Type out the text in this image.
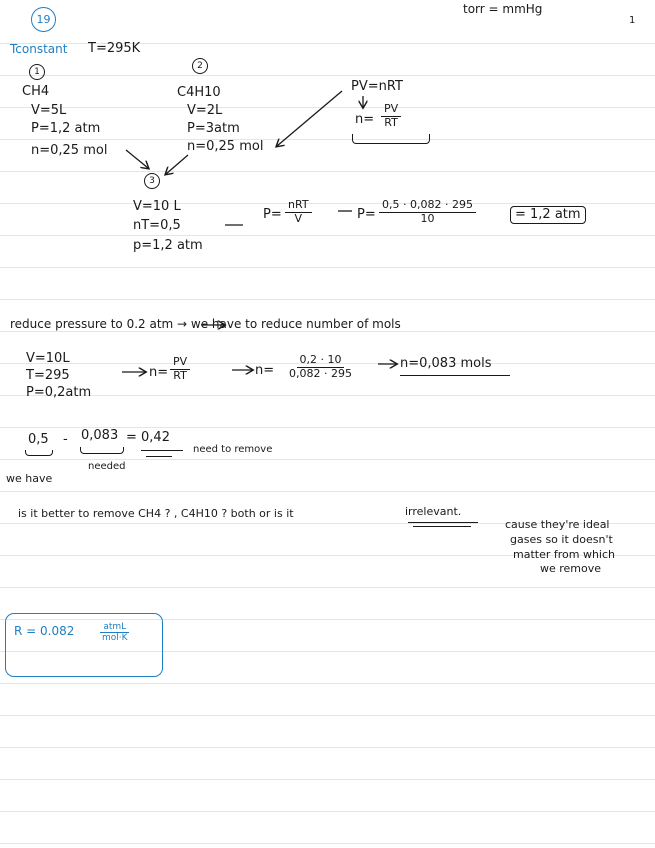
19
torr = mmHg
1
Tconstant T=295K
1
CH4
V=5L
P=1,2 atm
n=0,25 mol
2
C4H10
V=2L
P=3atm
n=0,25 mol
PV=nRT
$n= \frac{PV}{RT}$
3
V=10 L
nT=0,5
p=1,2 atm
P=
nRT
V	$P= \frac{0,5 \cdot 0,082 \cdot 295}{10}$	= 1,2 atm
reduce pressure to 0.2 atm → we have to reduce number of mols
V=10L
T=295
P=0,2atm
$n= \frac{PV}{RT}$	$n= \frac{0,2 \cdot 10}{0,082 \cdot 295}$	n=0,083 mols
0,5 - 0,083 = 0,42
need to remove
needed
we have
is it better to remove CH4 ? , C4H10 ? both or is it	irrelevant.
cause they're ideal
gases so it doesn't
matter from which
we remove
R = 0.082	atmL
mol·K
